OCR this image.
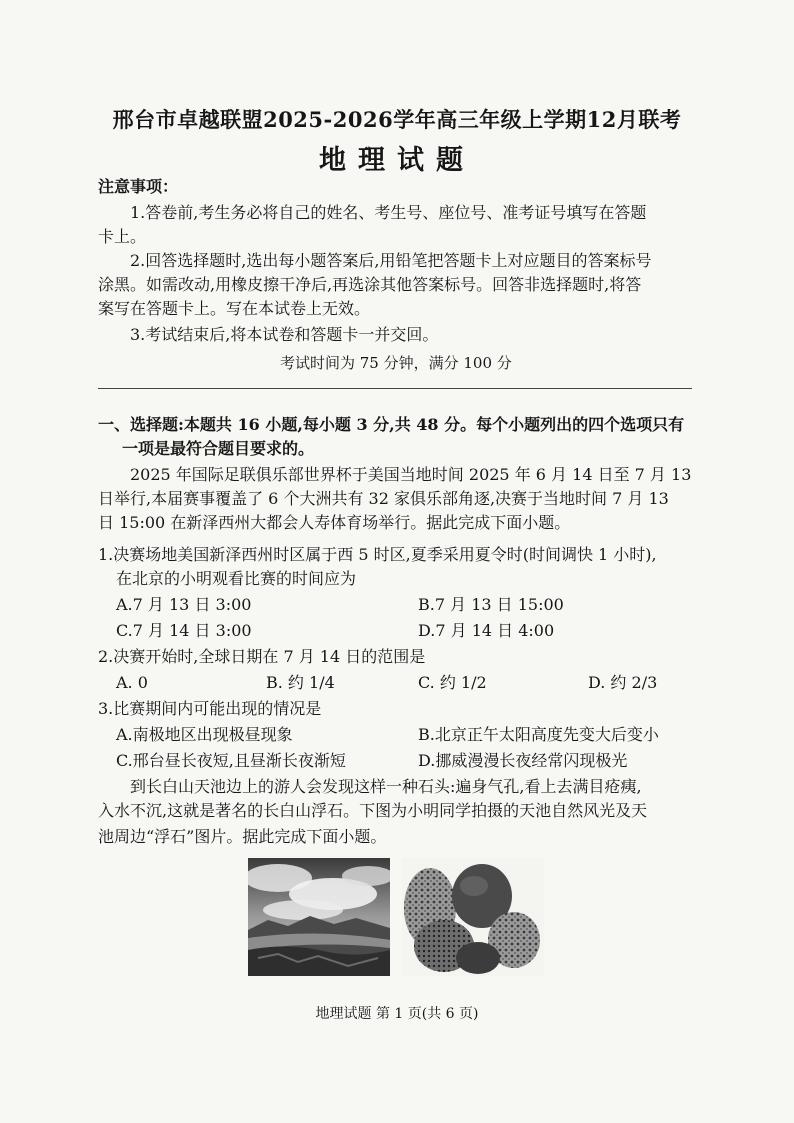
邢台市卓越联盟2025-2026学年高三年级上学期12月联考
地理试题
注意事项：
1.答卷前,考生务必将自己的姓名、考生号、座位号、准考证号填写在答题
卡上。
2.回答选择题时,选出每小题答案后,用铅笔把答题卡上对应题目的答案标号
涂黑。如需改动,用橡皮擦干净后,再选涂其他答案标号。回答非选择题时,将答
案写在答题卡上。写在本试卷上无效。
3.考试结束后,将本试卷和答题卡一并交回。
考试时间为 75 分钟，满分 100 分
一、选择题:本题共 16 小题,每小题 3 分,共 48 分。每个小题列出的四个选项只有
一项是最符合题目要求的。
2025 年国际足联俱乐部世界杯于美国当地时间 2025 年 6 月 14 日至 7 月 13
日举行,本届赛事覆盖了 6 个大洲共有 32 家俱乐部角逐,决赛于当地时间 7 月 13
日 15:00 在新泽西州大都会人寿体育场举行。据此完成下面小题。
1.决赛场地美国新泽西州时区属于西 5 时区,夏季采用夏令时(时间调快 1 小时),
在北京的小明观看比赛的时间应为
A.7 月 13 日 3:00	B.7 月 13 日 15:00
C.7 月 14 日 3:00	D.7 月 14 日 4:00
2.决赛开始时,全球日期在 7 月 14 日的范围是
A. 0	B. 约 1/4	C. 约 1/2	D. 约 2/3
3.比赛期间内可能出现的情况是
A.南极地区出现极昼现象	B.北京正午太阳高度先变大后变小
C.邢台昼长夜短,且昼渐长夜渐短	D.挪威漫漫长夜经常闪现极光
到长白山天池边上的游人会发现这样一种石头:遍身气孔,看上去满目疮痍,
入水不沉,这就是著名的长白山浮石。下图为小明同学拍摄的天池自然风光及天
池周边“浮石”图片。据此完成下面小题。
地理试题 第 1 页(共 6 页)
